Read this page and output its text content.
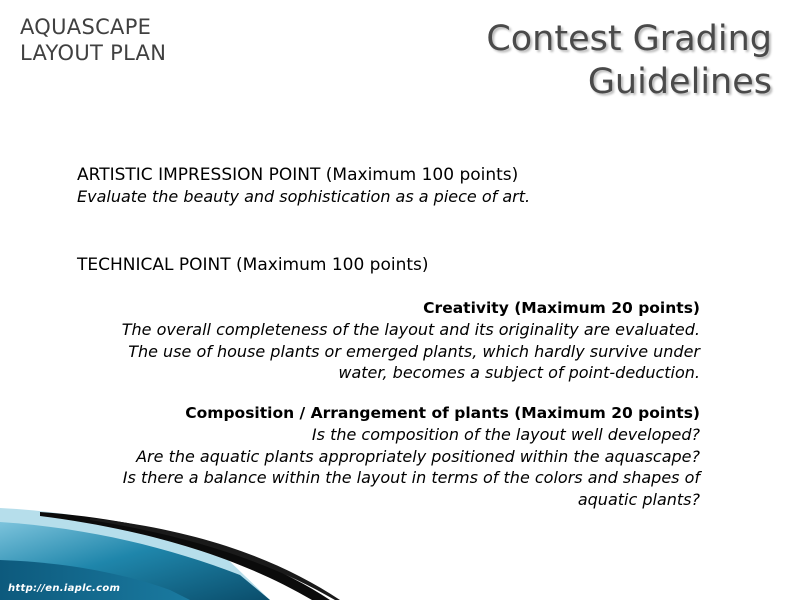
AQUASCAPE
LAYOUT PLAN	Contest Grading
Guidelines
ARTISTIC IMPRESSION POINT (Maximum 100 points)
Evaluate the beauty and sophistication as a piece of art.
TECHNICAL POINT (Maximum 100 points)
Creativity (Maximum 20 points)
The overall completeness of the layout and its originality are evaluated.
The use of house plants or emerged plants, which hardly survive under
water, becomes a subject of point-deduction.
Composition / Arrangement of plants (Maximum 20 points)
Is the composition of the layout well developed?
Are the aquatic plants appropriately positioned within the aquascape?
Is there a balance within the layout in terms of the colors and shapes of
aquatic plants?
http://en.iaplc.com
